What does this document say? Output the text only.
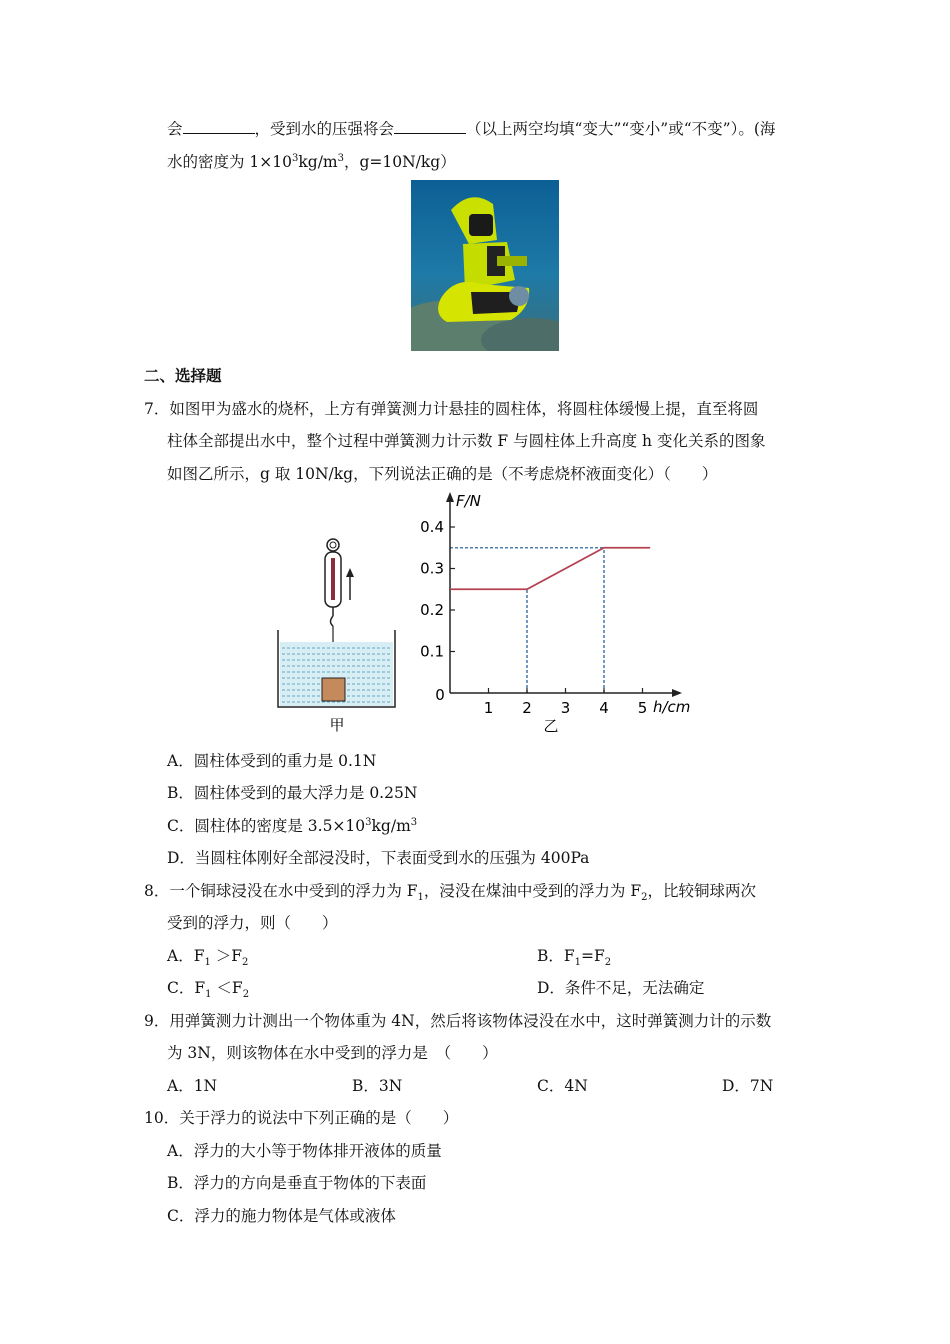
会	，受到水的压强将会	（以上两空均填“变大”“变小”或“不变”）。(海
水的密度为 $1\times 10^3kg/m^3$，g=10N/kg）
二、选择题
7．如图甲为盛水的烧杯，上方有弹簧测力计悬挂的圆柱体，将圆柱体缓慢上提，直至将圆
柱体全部提出水中，整个过程中弹簧测力计示数 F 与圆柱体上升高度 h 变化关系的图象
如图乙所示，g 取 10N/kg，下列说法正确的是（不考虑烧杯液面变化）（　　）
甲
F/N
h/cm
0
1 2 3 4 5
0.1
0.2
0.3
0.4
乙
A．圆柱体受到的重力是 0.1N
B．圆柱体受到的最大浮力是 0.25N
C．圆柱体的密度是 $3.5\times 10^3kg/m^3$
D．当圆柱体刚好全部浸没时，下表面受到水的压强为 400Pa
8．一个铜球浸没在水中受到的浮力为 $F_1$，浸没在煤油中受到的浮力为 $F_2$，比较铜球两次
受到的浮力，则（　　）
A．$F_1 >F_2$	B．$F_1=F_2$
C．$F_1 <F_2$	D．条件不足，无法确定
9．用弹簧测力计测出一个物体重为 4N，然后将该物体浸没在水中，这时弹簧测力计的示数
为 3N，则该物体在水中受到的浮力是　（　　）
A．1N	B．3N	C．4N	D．7N
10．关于浮力的说法中下列正确的是（　　）
A．浮力的大小等于物体排开液体的质量
B．浮力的方向是垂直于物体的下表面
C．浮力的施力物体是气体或液体
